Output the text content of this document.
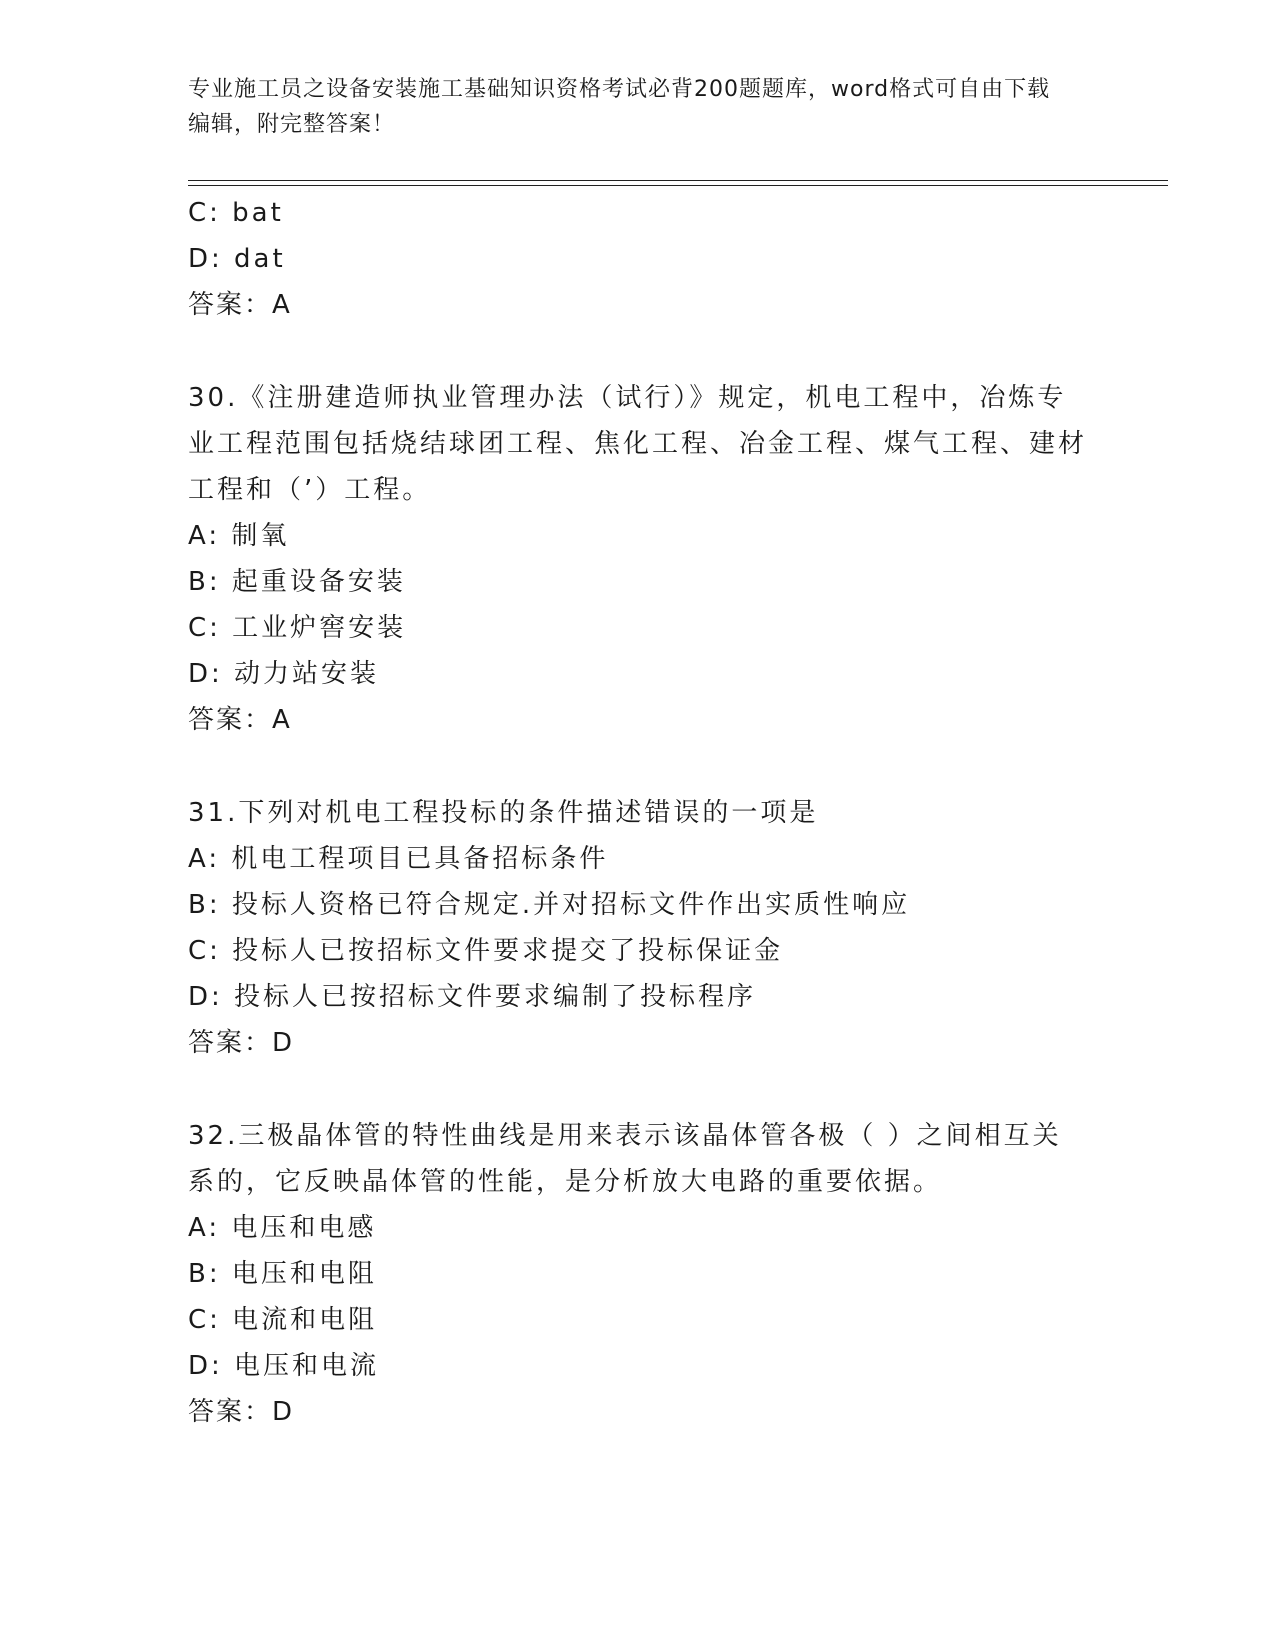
专业施工员之设备安装施工基础知识资格考试必背200题题库，word格式可自由下载编辑，附完整答案！

C: bat

D: dat

答案：A

30.《注册建造师执业管理办法（试行）》规定，机电工程中，冶炼专业工程范围包括烧结球团工程、焦化工程、冶金工程、煤气工程、建材工程和（’）工程。

A: 制氧

B: 起重设备安装

C: 工业炉窖安装

D: 动力站安装

答案：A

31.下列对机电工程投标的条件描述错误的一项是

A: 机电工程项目已具备招标条件

B: 投标人资格已符合规定.并对招标文件作出实质性响应

C: 投标人已按招标文件要求提交了投标保证金

D: 投标人已按招标文件要求编制了投标程序

答案：D

32.三极晶体管的特性曲线是用来表示该晶体管各极（ ）之间相互关系的，它反映晶体管的性能，是分析放大电路的重要依据。

A: 电压和电感

B: 电压和电阻

C: 电流和电阻

D: 电压和电流

答案：D
